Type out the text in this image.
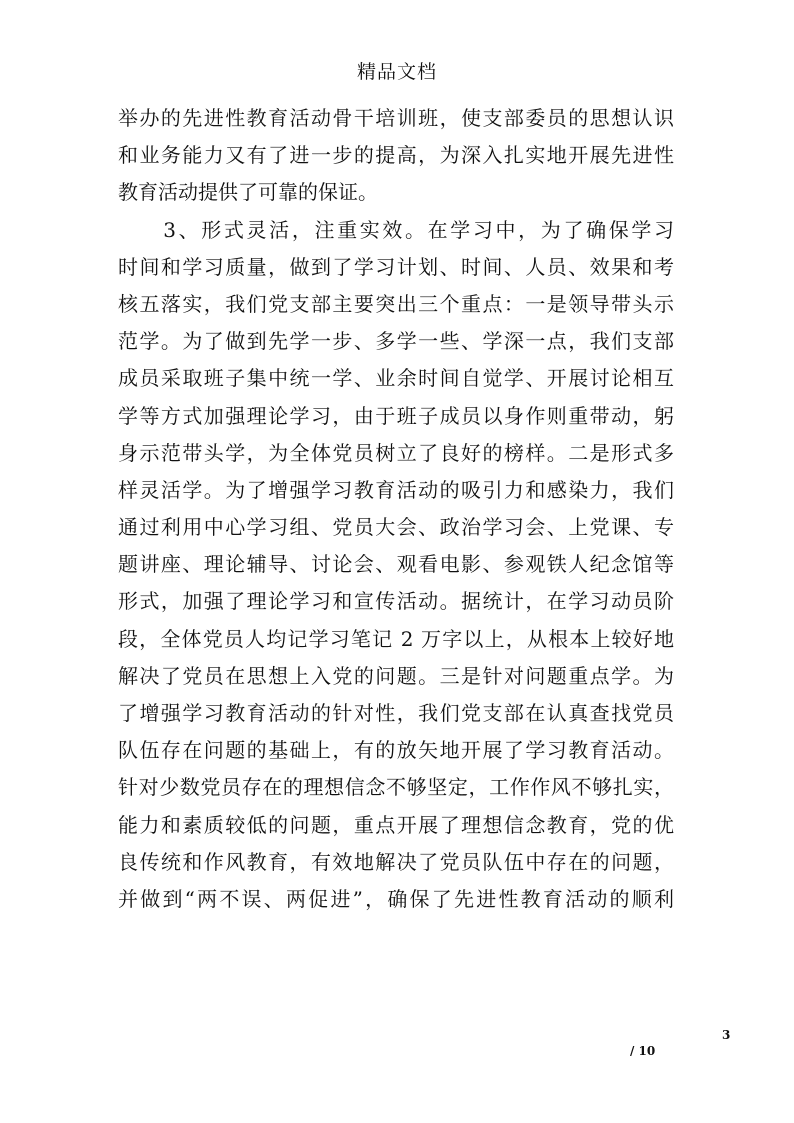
精品文档
举办的先进性教育活动骨干培训班，使支部委员的思想认识
和业务能力又有了进一步的提高，为深入扎实地开展先进性
教育活动提供了可靠的保证。
　　3、形式灵活，注重实效。在学习中，为了确保学习
时间和学习质量，做到了学习计划、时间、人员、效果和考
核五落实，我们党支部主要突出三个重点：一是领导带头示
范学。为了做到先学一步、多学一些、学深一点，我们支部
成员采取班子集中统一学、业余时间自觉学、开展讨论相互
学等方式加强理论学习，由于班子成员以身作则重带动，躬
身示范带头学，为全体党员树立了良好的榜样。二是形式多
样灵活学。为了增强学习教育活动的吸引力和感染力，我们
通过利用中心学习组、党员大会、政治学习会、上党课、专
题讲座、理论辅导、讨论会、观看电影、参观铁人纪念馆等
形式，加强了理论学习和宣传活动。据统计，在学习动员阶
段，全体党员人均记学习笔记 2 万字以上，从根本上较好地
解决了党员在思想上入党的问题。三是针对问题重点学。为
了增强学习教育活动的针对性，我们党支部在认真查找党员
队伍存在问题的基础上，有的放矢地开展了学习教育活动。
针对少数党员存在的理想信念不够坚定，工作作风不够扎实，
能力和素质较低的问题，重点开展了理想信念教育，党的优
良传统和作风教育，有效地解决了党员队伍中存在的问题，
并做到“两不误、两促进”，确保了先进性教育活动的顺利
3
/ 10
